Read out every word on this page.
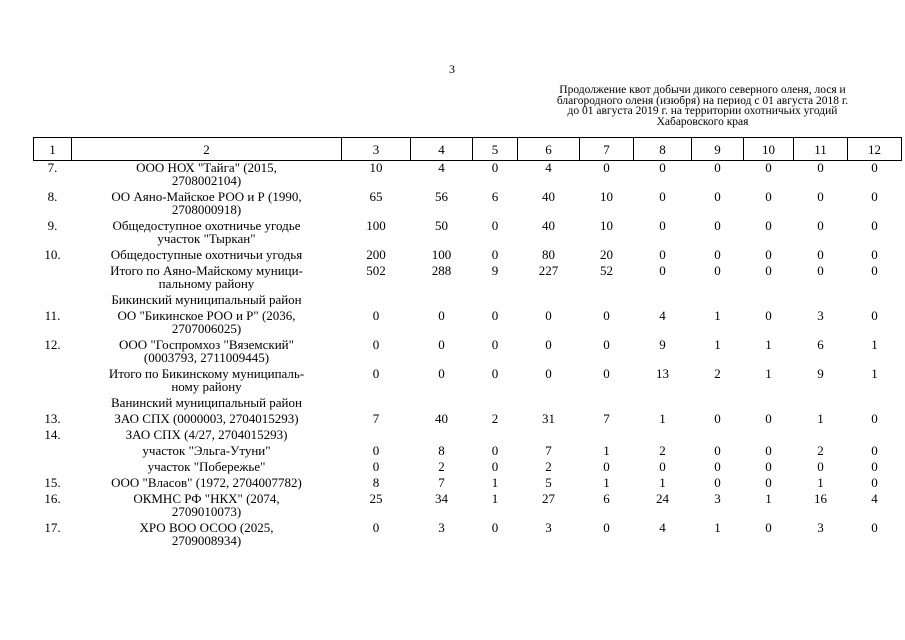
3
Продолжение квот добычи дикого северного оленя, лося и
благородного оленя (изюбря) на период с 01 августа 2018 г.
до 01 августа 2019 г. на территории охотничьих угодий
Хабаровского края
1	2	3	4	5	6	7	8	9	10	11	12
7.	ООО НОХ "Тайга" (2015,
2708002104)	10	4	0	4	0	0	0	0	0	0
8.	ОО Аяно-Майское РОО и Р (1990,
2708000918)	65	56	6	40	10	0	0	0	0	0
9.	Общедоступное охотничье угодье
участок "Тыркан"	100	50	0	40	10	0	0	0	0	0
10.	Общедоступные охотничьи угодья	200	100	0	80	20	0	0	0	0	0
	Итого по Аяно-Майскому муници-
пальному району	502	288	9	227	52	0	0	0	0	0
	Бикинский муниципальный район										
11.	ОО "Бикинское РОО и Р" (2036,
2707006025)	0	0	0	0	0	4	1	0	3	0
12.	ООО "Госпромхоз "Вяземский"
(0003793, 2711009445)	0	0	0	0	0	9	1	1	6	1
	Итого по Бикинскому муниципаль-
ному району	0	0	0	0	0	13	2	1	9	1
	Ванинский муниципальный район										
13.	ЗАО СПХ (0000003, 2704015293)	7	40	2	31	7	1	0	0	1	0
14.	ЗАО СПХ (4/27, 2704015293)										
	участок "Эльга-Утуни"	0	8	0	7	1	2	0	0	2	0
	участок "Побережье"	0	2	0	2	0	0	0	0	0	0
15.	ООО "Власов" (1972, 2704007782)	8	7	1	5	1	1	0	0	1	0
16.	ОКМНС РФ "НКХ" (2074,
2709010073)	25	34	1	27	6	24	3	1	16	4
17.	ХРО ВОО ОСОО (2025,
2709008934)	0	3	0	3	0	4	1	0	3	0
